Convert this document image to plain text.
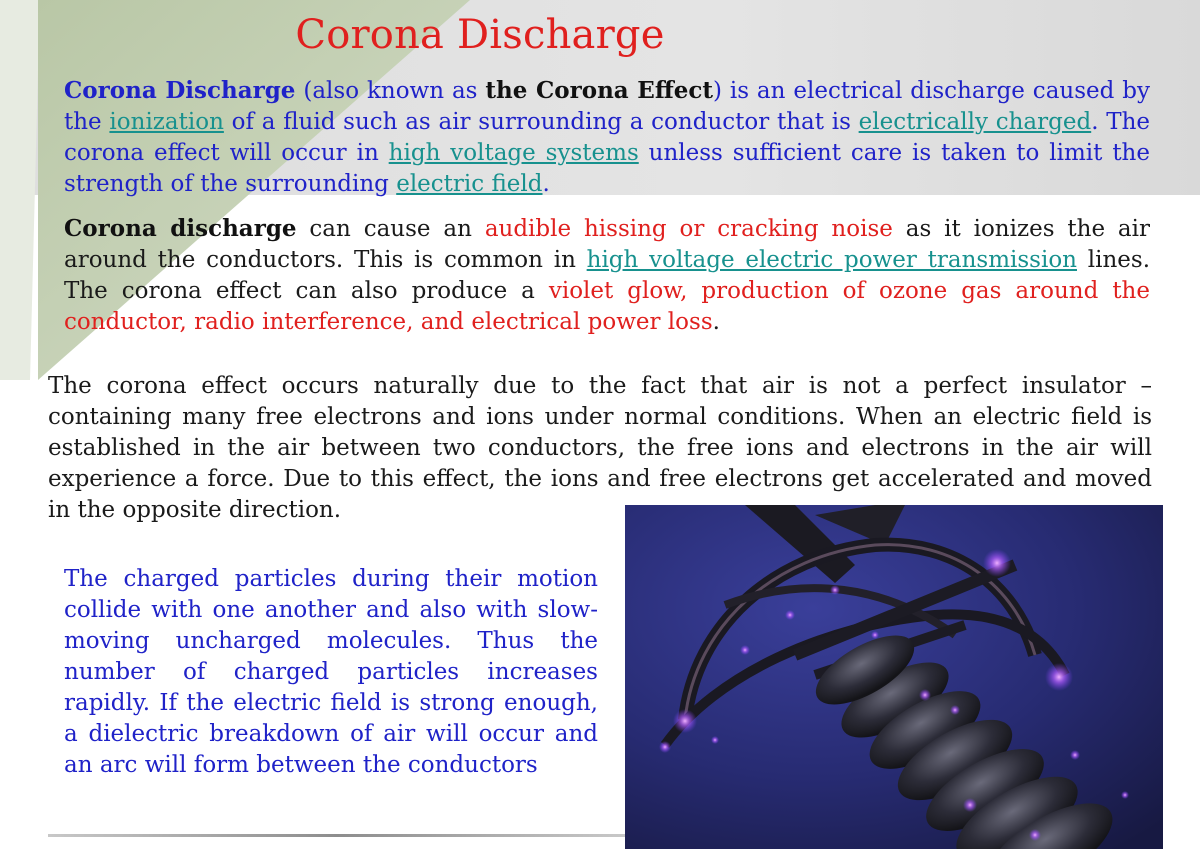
Corona Discharge

Corona Discharge (also known as the Corona Effect) is an electrical discharge caused by the ionization of a fluid such as air surrounding a conductor that is electrically charged. The corona effect will occur in high voltage systems unless sufficient care is taken to limit the strength of the surrounding electric field.

Corona discharge can cause an audible hissing or cracking noise as it ionizes the air around the conductors. This is common in high voltage electric power transmission lines. The corona effect can also produce a violet glow, production of ozone gas around the conductor, radio interference, and electrical power loss.

The corona effect occurs naturally due to the fact that air is not a perfect insulator – containing many free electrons and ions under normal conditions. When an electric field is established in the air between two conductors, the free ions and electrons in the air will experience a force. Due to this effect, the ions and free electrons get accelerated and moved in the opposite direction.

The charged particles during their motion collide with one another and also with slow-moving uncharged molecules. Thus the number of charged particles increases rapidly. If the electric field is strong enough, a dielectric breakdown of air will occur and an arc will form between the conductors
